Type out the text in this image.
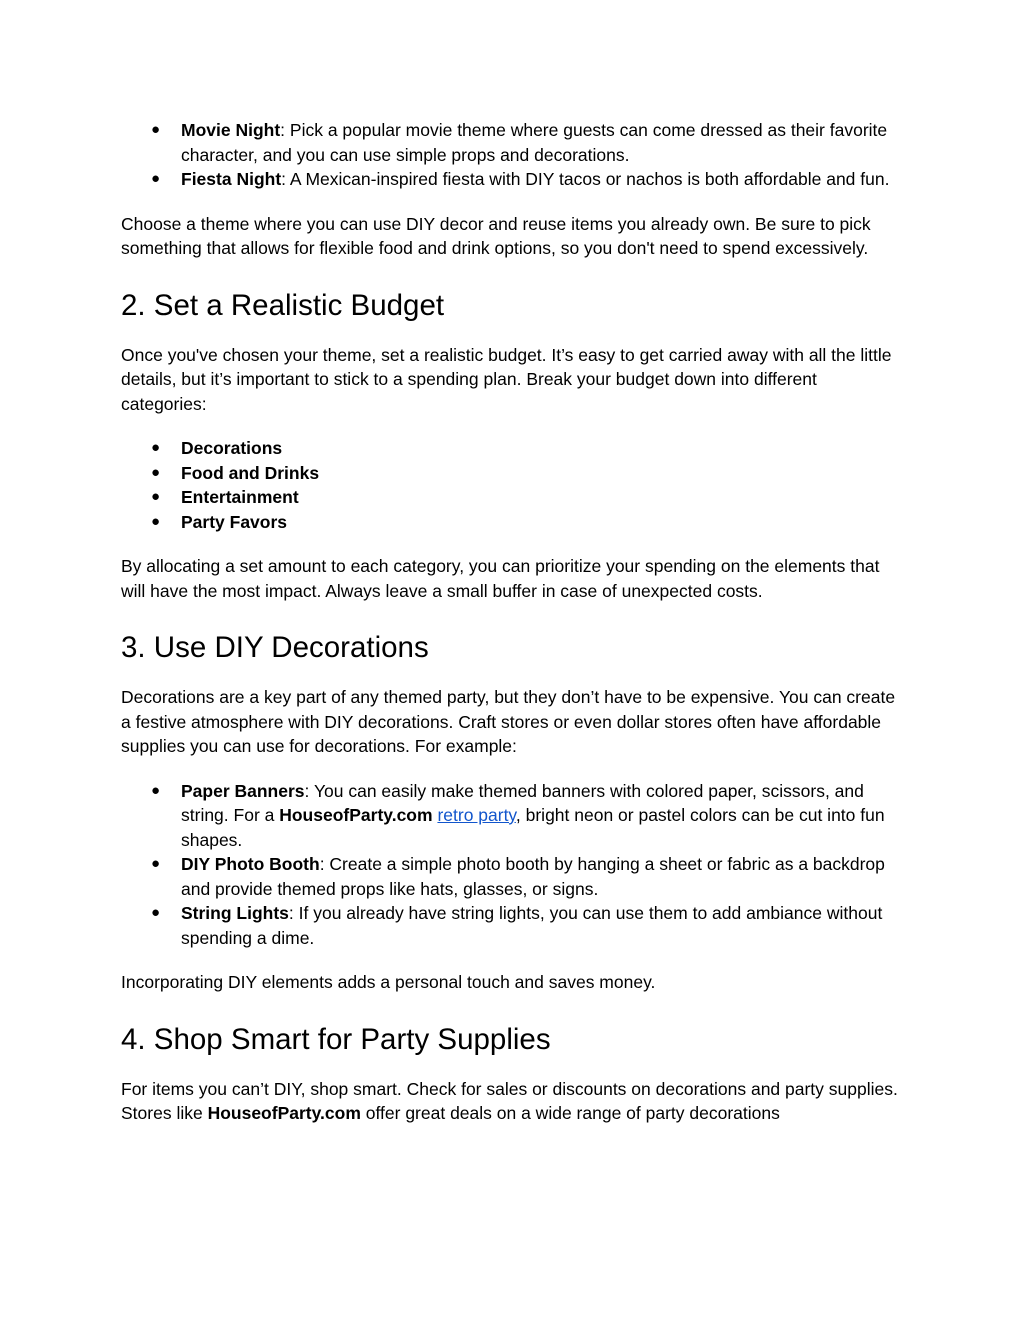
● Movie Night: Pick a popular movie theme where guests can come dressed as their favorite character, and you can use simple props and decorations.
● Fiesta Night: A Mexican-inspired fiesta with DIY tacos or nachos is both affordable and fun.

Choose a theme where you can use DIY decor and reuse items you already own. Be sure to pick something that allows for flexible food and drink options, so you don't need to spend excessively.

2. Set a Realistic Budget

Once you've chosen your theme, set a realistic budget. It’s easy to get carried away with all the little details, but it’s important to stick to a spending plan. Break your budget down into different categories:

● Decorations
● Food and Drinks
● Entertainment
● Party Favors

By allocating a set amount to each category, you can prioritize your spending on the elements that will have the most impact. Always leave a small buffer in case of unexpected costs.

3. Use DIY Decorations

Decorations are a key part of any themed party, but they don’t have to be expensive. You can create a festive atmosphere with DIY decorations. Craft stores or even dollar stores often have affordable supplies you can use for decorations. For example:

● Paper Banners: You can easily make themed banners with colored paper, scissors, and string. For a HouseofParty.com retro party, bright neon or pastel colors can be cut into fun shapes.
● DIY Photo Booth: Create a simple photo booth by hanging a sheet or fabric as a backdrop and provide themed props like hats, glasses, or signs.
● String Lights: If you already have string lights, you can use them to add ambiance without spending a dime.

Incorporating DIY elements adds a personal touch and saves money.

4. Shop Smart for Party Supplies

For items you can’t DIY, shop smart. Check for sales or discounts on decorations and party supplies. Stores like HouseofParty.com offer great deals on a wide range of party decorations
